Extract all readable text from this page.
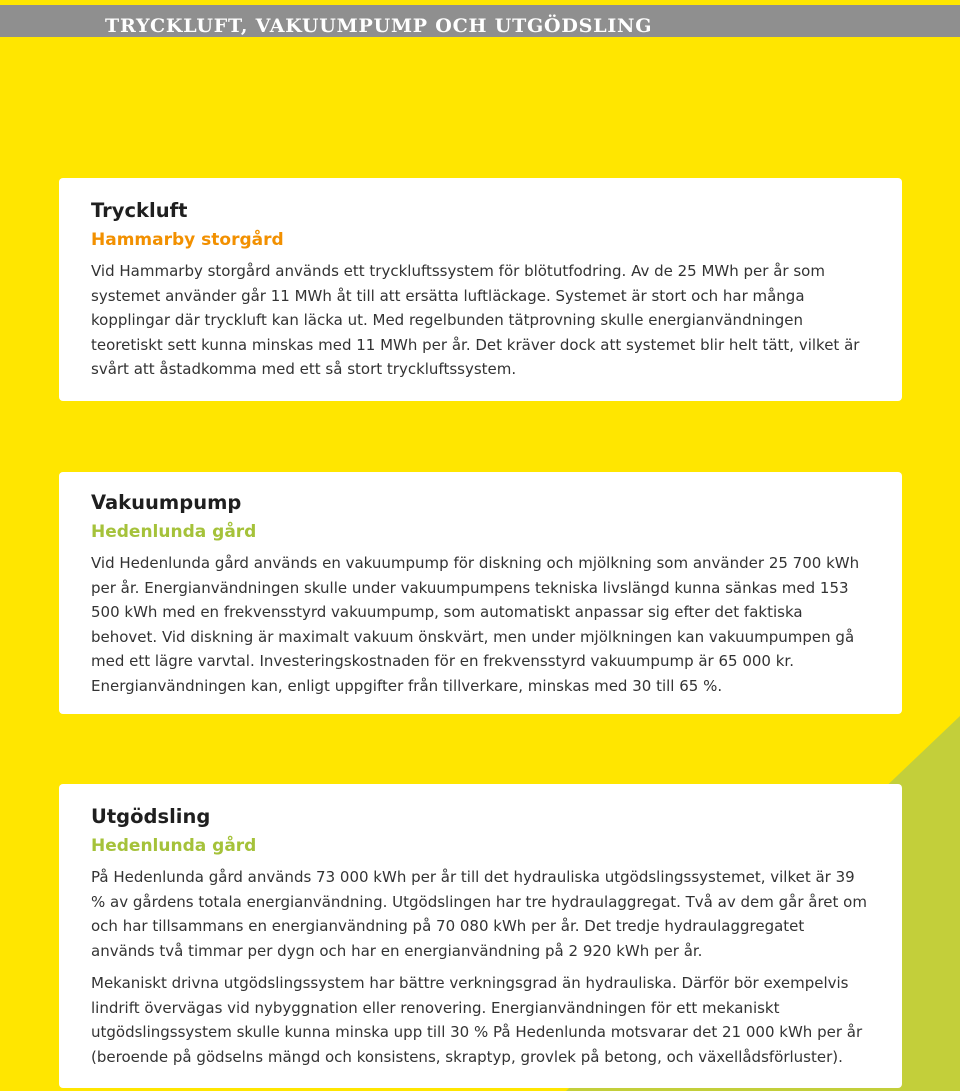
TRYCKLUFT, VAKUUMPUMP OCH UTGÖDSLING
Tryckluft
Hammarby storgård

Vid Hammarby storgård används ett tryckluftssystem för blötutfodring. Av de 25 MWh per år som systemet använder går 11 MWh åt till att ersätta luftläckage. Systemet är stort och har många kopplingar där tryckluft kan läcka ut. Med regelbunden tätprovning skulle energianvändningen teoretiskt sett kunna minskas med 11 MWh per år. Det kräver dock att systemet blir helt tätt, vilket är svårt att åstadkomma med ett så stort tryckluftssystem.

Vakuumpump
Hedenlunda gård

Vid Hedenlunda gård används en vakuumpump för diskning och mjölkning som använder 25 700 kWh per år. Energianvändningen skulle under vakuumpumpens tekniska livslängd kunna sänkas med 153 500 kWh med en frekvensstyrd vakuumpump, som automatiskt anpassar sig efter det faktiska behovet. Vid diskning är maximalt vakuum önskvärt, men under mjölkningen kan vakuumpumpen gå med ett lägre varvtal. Investeringskostnaden för en frekvensstyrd vakuumpump är 65 000 kr. Energianvändningen kan, enligt uppgifter från tillverkare, minskas med 30 till 65 %.

Utgödsling
Hedenlunda gård

På Hedenlunda gård används 73 000 kWh per år till det hydrauliska utgödslingssystemet, vilket är 39 % av gårdens totala energianvändning. Utgödslingen har tre hydraulaggregat. Två av dem går året om och har tillsammans en energianvändning på 70 080 kWh per år. Det tredje hydraulaggregatet används två timmar per dygn och har en energianvändning på 2 920 kWh per år.

Mekaniskt drivna utgödslingssystem har bättre verkningsgrad än hydrauliska. Därför bör exempelvis lindrift övervägas vid nybyggnation eller renovering. Energianvändningen för ett mekaniskt utgödslingssystem skulle kunna minska upp till 30 % På Hedenlunda motsvarar det 21 000 kWh per år (beroende på gödselns mängd och konsistens, skraptyp, grovlek på betong, och växellådsförluster).
